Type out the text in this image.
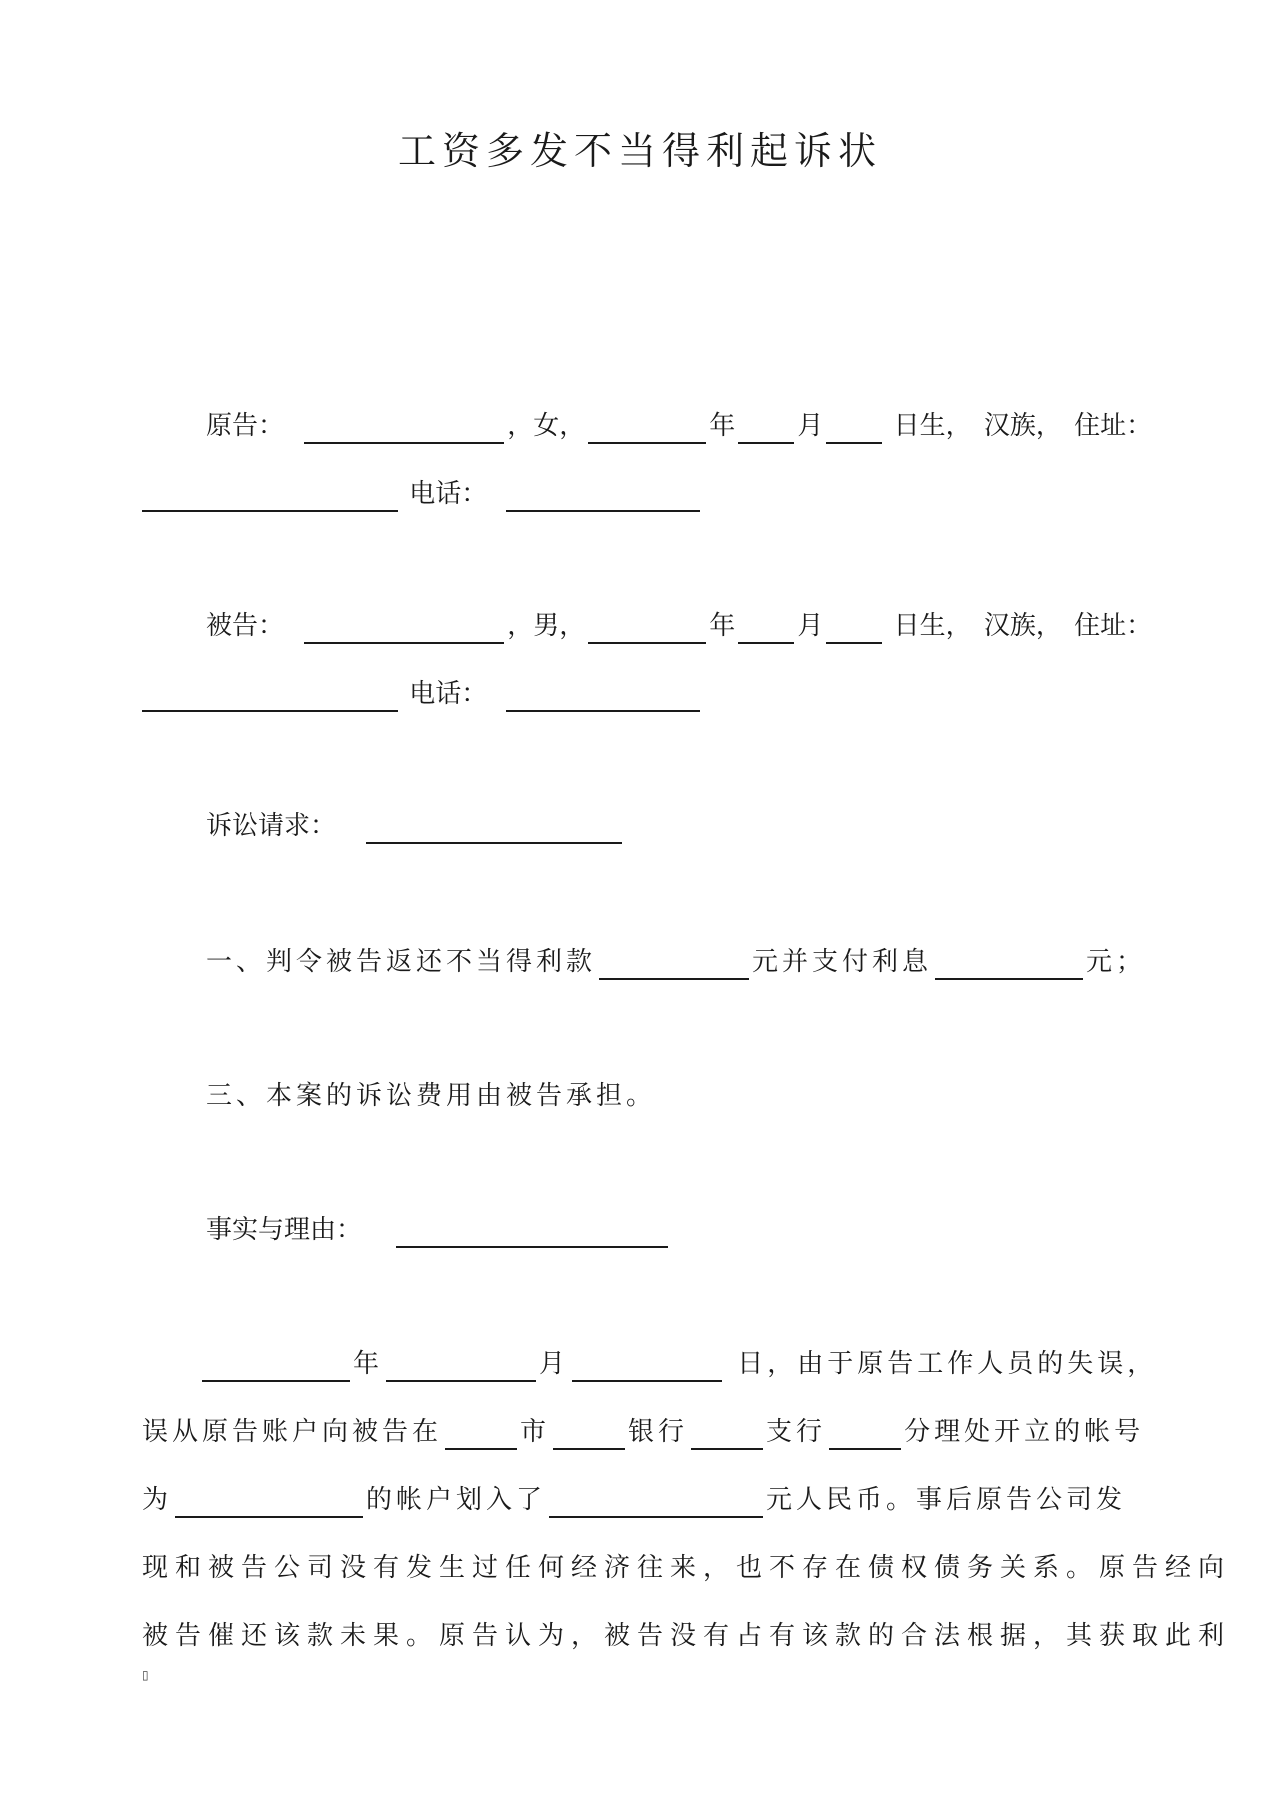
工资多发不当得利起诉状
原告：	，女，	年 月	日生， 汉族， 住址：
电话：
被告：	，男，	年 月	日生， 汉族， 住址：
电话：
诉讼请求：
一、判令被告返还不当得利款	元并支付利息	元；
三、本案的诉讼费用由被告承担。
事实与理由：
年	月	日，由于原告工作人员的失误，
误从原告账户向被告在	市	银行	支行	分理处开立的帐号
为	的帐户划入了	元人民币。事后原告公司发
现和被告公司没有发生过任何经济往来，也不存在债权债务关系。原告经向
被告催还该款未果。原告认为，被告没有占有该款的合法根据，其获取此利
▯
